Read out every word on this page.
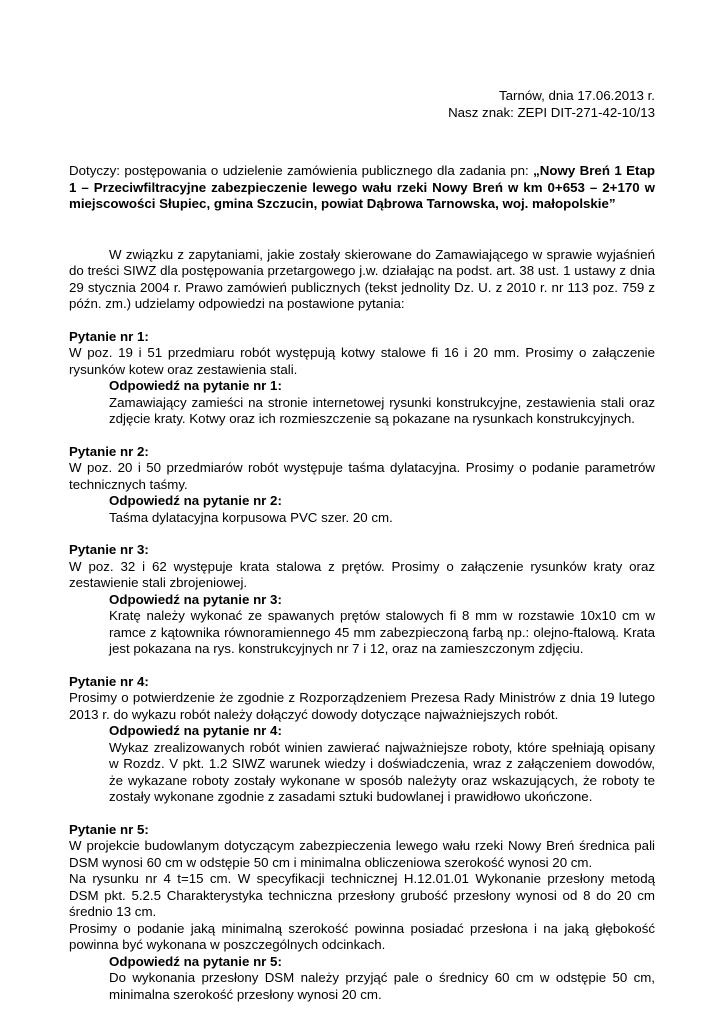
Tarnów, dnia 17.06.2013 r.

Nasz znak: ZEPI DIT-271-42-10/13

Dotyczy: postępowania o udzielenie zamówienia publicznego dla zadania pn: „Nowy Breń 1 Etap 1 – Przeciwfiltracyjne zabezpieczenie lewego wału rzeki Nowy Breń w km 0+653 – 2+170 w miejscowości Słupiec, gmina Szczucin, powiat Dąbrowa Tarnowska, woj. małopolskie”

W związku z zapytaniami, jakie zostały skierowane do Zamawiającego w sprawie wyjaśnień do treści SIWZ dla postępowania przetargowego j.w. działając na podst. art. 38 ust. 1 ustawy z dnia 29 stycznia 2004 r. Prawo zamówień publicznych (tekst jednolity Dz. U. z 2010 r. nr 113 poz. 759 z późn. zm.) udzielamy odpowiedzi na postawione pytania:

Pytanie nr 1:

W poz. 19 i 51 przedmiaru robót występują kotwy stalowe fi 16 i 20 mm. Prosimy o załączenie rysunków kotew oraz zestawienia stali.

Odpowiedź na pytanie nr 1:

Zamawiający zamieści na stronie internetowej rysunki konstrukcyjne, zestawienia stali oraz zdjęcie kraty. Kotwy oraz ich rozmieszczenie są pokazane na rysunkach konstrukcyjnych.

Pytanie nr 2:

W poz. 20 i 50 przedmiarów robót występuje taśma dylatacyjna. Prosimy o podanie parametrów technicznych taśmy.

Odpowiedź na pytanie nr 2:

Taśma dylatacyjna korpusowa PVC szer. 20 cm.

Pytanie nr 3:

W poz. 32 i 62 występuje krata stalowa z prętów. Prosimy o załączenie rysunków kraty oraz zestawienie stali zbrojeniowej.

Odpowiedź na pytanie nr 3:

Kratę należy wykonać ze spawanych prętów stalowych fi 8 mm w rozstawie 10x10 cm w ramce z kątownika równoramiennego 45 mm zabezpieczoną farbą np.: olejno-ftalową. Krata jest pokazana na rys. konstrukcyjnych nr 7 i 12, oraz na zamieszczonym zdjęciu.

Pytanie nr 4:

Prosimy o potwierdzenie że zgodnie z Rozporządzeniem Prezesa Rady Ministrów z dnia 19 lutego 2013 r. do wykazu robót należy dołączyć dowody dotyczące najważniejszych robót.

Odpowiedź na pytanie nr 4:

Wykaz zrealizowanych robót winien zawierać najważniejsze roboty, które spełniają opisany w Rozdz. V pkt. 1.2 SIWZ warunek wiedzy i doświadczenia, wraz z załączeniem dowodów, że wykazane roboty zostały wykonane w sposób należyty oraz wskazujących, że roboty te zostały wykonane zgodnie z zasadami sztuki budowlanej i prawidłowo ukończone.

Pytanie nr 5:

W projekcie budowlanym dotyczącym zabezpieczenia lewego wału rzeki Nowy Breń średnica pali DSM wynosi 60 cm w odstępie 50 cm i minimalna obliczeniowa szerokość wynosi 20 cm.

Na rysunku nr 4 t=15 cm. W specyfikacji technicznej H.12.01.01 Wykonanie przesłony metodą DSM pkt. 5.2.5 Charakterystyka techniczna przesłony grubość przesłony wynosi od 8 do 20 cm średnio 13 cm.

Prosimy o podanie jaką minimalną szerokość powinna posiadać przesłona i na jaką głębokość powinna być wykonana w poszczególnych odcinkach.

Odpowiedź na pytanie nr 5:

Do wykonania przesłony DSM należy przyjąć pale o średnicy 60 cm w odstępie 50 cm, minimalna szerokość przesłony wynosi 20 cm.
